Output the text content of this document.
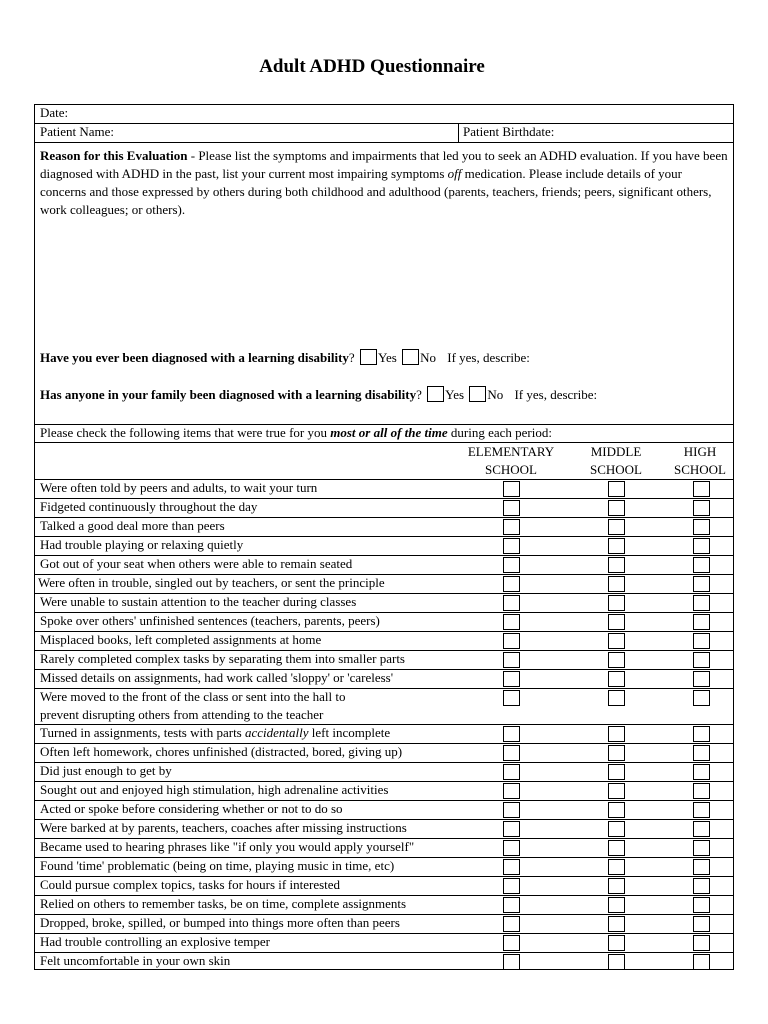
Adult ADHD Questionnaire
Date:
Patient Name:	Patient Birthdate:
Reason for this Evaluation - Please list the symptoms and impairments that led you to seek an ADHD evaluation. If you have been diagnosed with ADHD in the past, list your current most impairing symptoms off medication. Please include details of your concerns and those expressed by others during both childhood and adulthood (parents, teachers, friends; peers, significant others, work colleagues; or others).
Have you ever been diagnosed with a learning disability? Yes No If yes, describe:
Has anyone in your family been diagnosed with a learning disability? Yes No If yes, describe:
Please check the following items that were true for you most or all of the time during each period:
ELEMENTARY
SCHOOL
MIDDLE
SCHOOL
HIGH
SCHOOL
Were often told by peers and adults, to wait your turn
Fidgeted continuously throughout the day
Talked a good deal more than peers
Had trouble playing or relaxing quietly
Got out of your seat when others were able to remain seated
Were often in trouble, singled out by teachers, or sent the principle
Were unable to sustain attention to the teacher during classes
Spoke over others' unfinished sentences (teachers, parents, peers)
Misplaced books, left completed assignments at home
Rarely completed complex tasks by separating them into smaller parts
Missed details on assignments, had work called 'sloppy' or 'careless'
Were moved to the front of the class or sent into the hall to
prevent disrupting others from attending to the teacher
Turned in assignments, tests with parts accidentally left incomplete
Often left homework, chores unfinished (distracted, bored, giving up)
Did just enough to get by
Sought out and enjoyed high stimulation, high adrenaline activities
Acted or spoke before considering whether or not to do so
Were barked at by parents, teachers, coaches after missing instructions
Became used to hearing phrases like "if only you would apply yourself"
Found 'time' problematic (being on time, playing music in time, etc)
Could pursue complex topics, tasks for hours if interested
Relied on others to remember tasks, be on time, complete assignments
Dropped, broke, spilled, or bumped into things more often than peers
Had trouble controlling an explosive temper
Felt uncomfortable in your own skin
